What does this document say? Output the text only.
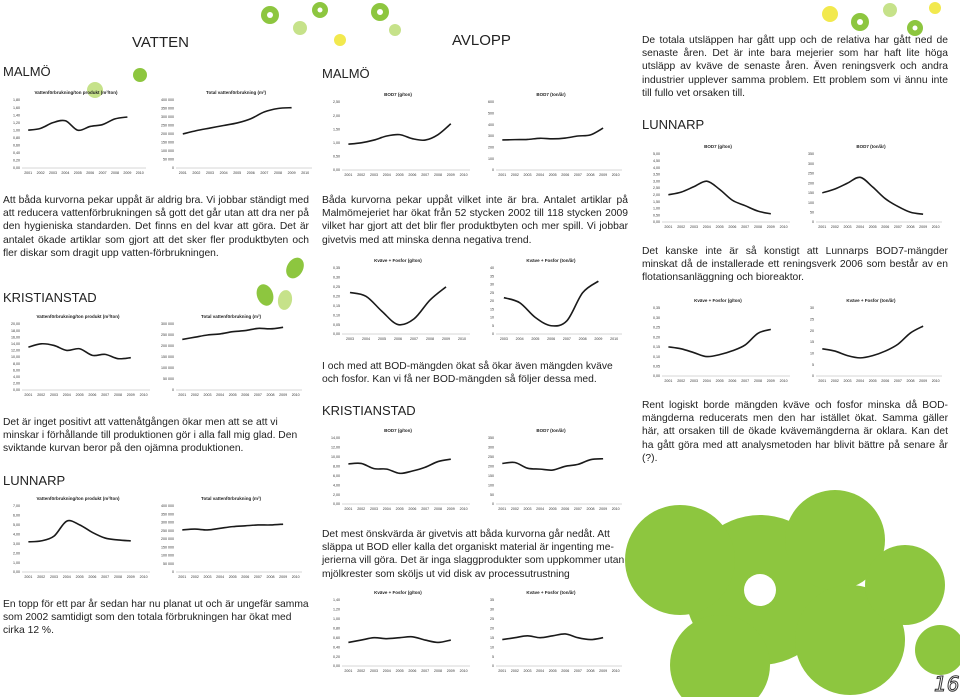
VATTEN
MALMÖ
AVLOPP
MALMÖ
Vattenförbrukning/ton produkt (m³/ton)
0,00
0,20
0,40
0,60
0,80
1,00
1,20
1,40
1,60
1,80
2001 2002 2003 2004 2005 2006 2007 2008 2009 2010
Total vattenförbrukning (m³)
0
50 000
100 000
150 000
200 000
250 000
300 000
350 000
400 000
2001 2002 2003 2004 2005 2006 2007 2008 2009 2010
Vattenförbrukning/ton produkt (m³/ton)
0,00
2,00
4,00
6,00
8,00
10,00
12,00
14,00
16,00
18,00
20,00
2001 2002 2003 2004 2005 2006 2007 2008 2009 2010
Total vattenförbrukning (m³)
0
50 000
100 000
150 000
200 000
250 000
300 000
2001 2002 2003 2004 2005 2006 2007 2008 2009 2010
Vattenförbrukning/ton produkt (m³/ton)
0,00
1,00
2,00
3,00
4,00
5,00
6,00
7,00
2001 2002 2003 2004 2005 2006 2007 2008 2009 2010
Total vattenförbrukning (m³)
0
50 000
100 000
150 000
200 000
250 000
300 000
350 000
400 000
2001 2002 2003 2004 2005 2006 2007 2008 2009 2010
BOD7 (g/ton)
0,00
0,50
1,00
1,50
2,00
2,50
2001 2002 2003 2004 2005 2006 2007 2008 2009 2010
BOD7 (ton/år)
0
100
200
300
400
500
600
2001 2002 2003 2004 2005 2006 2007 2008 2009 2010
Kväve + Fosfor (g/ton)
0,00
0,05
0,10
0,15
0,20
0,25
0,30
0,35
2003 2004 2005 2006 2007 2008 2009 2010
Kväve + Fosfor (ton/år)
0
5
10
15
20
25
30
35
40
2003 2004 2005 2006 2007 2008 2009 2010
BOD7 (g/ton)
0,00
2,00
4,00
6,00
8,00
10,00
12,00
14,00
2001 2002 2003 2004 2005 2006 2007 2008 2009 2010
BOD7 (ton/år)
0
50
100
150
200
250
300
350
2001 2002 2003 2004 2005 2006 2007 2008 2009 2010
Kväve + Fosfor (g/ton)
0,00
0,20
0,40
0,60
0,80
1,00
1,20
1,40
2001 2002 2003 2004 2005 2006 2007 2008 2009 2010
Kväve + Fosfor (ton/år)
0
5
10
15
20
25
30
35
2001 2002 2003 2004 2005 2006 2007 2008 2009 2010
BOD7 (g/ton)
0,00
0,50
1,00
1,50
2,00
2,50
3,00
3,50
4,00
4,50
5,00
2001 2002 2003 2004 2005 2006 2007 2008 2009 2010
BOD7 (ton/år)
0
50
100
150
200
250
300
350
2001 2002 2003 2004 2005 2006 2007 2008 2009 2010
Kväve + Fosfor (g/ton)
0,00
0,05
0,10
0,15
0,20
0,25
0,30
0,35
2001 2002 2003 2004 2005 2006 2007 2008 2009 2010
Kväve + Fosfor (ton/år)
0
5
10
15
20
25
30
2001 2002 2003 2004 2005 2006 2007 2008 2009 2010
Att båda kurvorna pekar uppåt är aldrig bra. Vi jobbar ständigt med att reducera vattenförbrukningen så gott det går utan att dra ner på den hygieniska standarden. Det finns en del kvar att göra. Det är antalet ökade artiklar som gjort att det sker fler produktbyten och fler diskar som dragit upp vatten-förbrukningen.
KRISTIANSTAD
Det är inget positivt att vattenåtgången ökar men att se att vi minskar i förhållande till produktionen gör i alla fall mig glad. Den sviktande kurvan beror på den ojämna produktionen.
LUNNARP
En topp för ett par år sedan har nu planat ut och är ungefär samma som 2002 samtidigt som den totala förbrukningen har ökat med cirka 12 %.
Båda kurvorna pekar uppåt vilket inte är bra. Antalet artiklar på Malmömejeriet har ökat från 52 stycken 2002 till 118 stycken 2009 vilket har gjort att det blir fler produktbyten och mer spill. Vi jobbar givetvis med att minska denna negativa trend.
I och med att BOD-mängden ökat så ökar även mängden kväve och fosfor. Kan vi få ner BOD-mängden så följer dessa med.
KRISTIANSTAD
Det mest önskvärda är givetvis att båda kurvorna går nedåt. Att släppa ut BOD eller kalla det organiskt material är ingenting me-jerierna vill göra. Det är inga slaggprodukter som uppkommer utan mjölkrester som sköljs ut vid disk av processutrustning
De totala utsläppen har gått upp och de relativa har gått ned de senaste åren. Det är inte bara mejerier som har haft lite höga utsläpp av kväve de senaste åren. Även reningsverk och andra industrier upplever samma problem. Ett problem som vi ännu inte till fullo vet orsaken till.
LUNNARP
Det kanske inte är så konstigt att Lunnarps BOD7-mängder minskat då de installerade ett reningsverk 2006 som består av en flotationsanläggning och bioreaktor.
Rent logiskt borde mängden kväve och fosfor minska då BOD-mängderna reducerats men den har istället ökat. Samma gäller här, att orsaken till de ökade kvävemängderna är oklara. Kan det ha gått göra med att analysmetoden har blivit bättre på senare år (?).
16
